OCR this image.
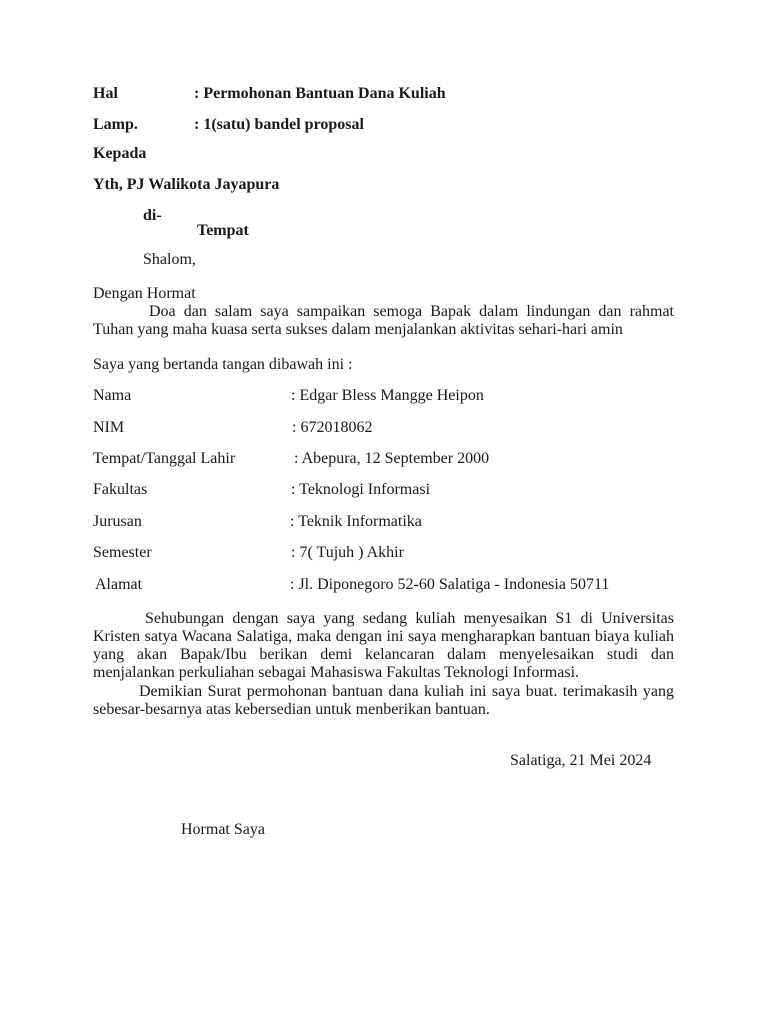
Hal	: Permohonan Bantuan Dana Kuliah
Lamp.	: 1(satu) bandel proposal
Kepada
Yth, PJ Walikota Jayapura
di-
Tempat
Shalom,
Dengan Hormat
Doa dan salam saya sampaikan semoga Bapak dalam lindungan dan rahmat Tuhan yang maha kuasa serta sukses dalam menjalankan aktivitas sehari-hari amin
Saya yang bertanda tangan dibawah ini :
Nama	: Edgar Bless Mangge Heipon
NIM	: 672018062
Tempat/Tanggal Lahir	: Abepura, 12 September 2000
Fakultas	: Teknologi Informasi
Jurusan	: Teknik Informatika
Semester	: 7( Tujuh ) Akhir
Alamat	: Jl. Diponegoro 52-60 Salatiga - Indonesia 50711
Sehubungan dengan saya yang sedang kuliah menyesaikan S1 di Universitas Kristen satya Wacana Salatiga, maka dengan ini saya mengharapkan bantuan biaya kuliah yang akan Bapak/Ibu berikan demi kelancaran dalam menyelesaikan studi dan menjalankan perkuliahan sebagai Mahasiswa Fakultas Teknologi Informasi.
Demikian Surat permohonan bantuan dana kuliah ini saya buat. terimakasih yang sebesar-besarnya atas kebersedian untuk menberikan bantuan.
Salatiga, 21 Mei 2024
Hormat Saya
